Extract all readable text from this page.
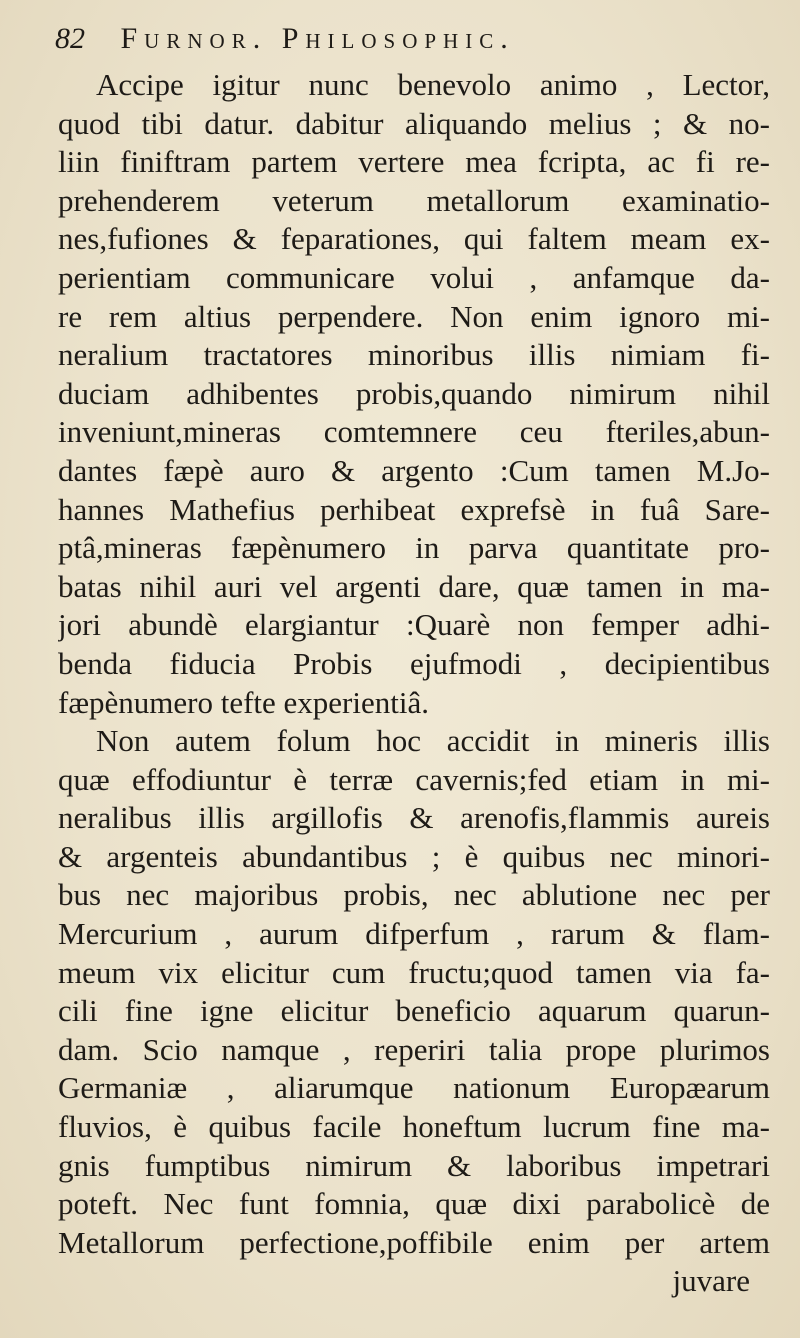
82 Furnor. Philosophic.
Accipe igitur nunc benevolo animo , Lector,
quod tibi datur. dabitur aliquando melius ; & no-
liin finiftram partem vertere mea fcripta, ac fi re-
prehenderem veterum metallorum examinatio-
nes,fufiones & feparationes, qui faltem meam ex-
perientiam communicare volui , anfamque da-
re rem altius perpendere. Non enim ignoro mi-
neralium tractatores minoribus illis nimiam fi-
duciam adhibentes probis,quando nimirum nihil
inveniunt,mineras comtemnere ceu fteriles,abun-
dantes fæpè auro & argento :Cum tamen M.Jo-
hannes Mathefius perhibeat exprefsè in fuâ Sare-
ptâ,mineras fæpènumero in parva quantitate pro-
batas nihil auri vel argenti dare, quæ tamen in ma-
jori abundè elargiantur :Quarè non femper adhi-
benda fiducia Probis ejufmodi , decipientibus
fæpènumero tefte experientiâ.
Non autem folum hoc accidit in mineris illis
quæ effodiuntur è terræ cavernis;fed etiam in mi-
neralibus illis argillofis & arenofis,flammis aureis
& argenteis abundantibus ; è quibus nec minori-
bus nec majoribus probis, nec ablutione nec per
Mercurium , aurum difperfum , rarum & flam-
meum vix elicitur cum fructu;quod tamen via fa-
cili fine igne elicitur beneficio aquarum quarun-
dam. Scio namque , reperiri talia prope plurimos
Germaniæ , aliarumque nationum Europæarum
fluvios, è quibus facile honeftum lucrum fine ma-
gnis fumptibus nimirum & laboribus impetrari
poteft. Nec funt fomnia, quæ dixi parabolicè de
Metallorum perfectione,poffibile enim per artem
juvare
